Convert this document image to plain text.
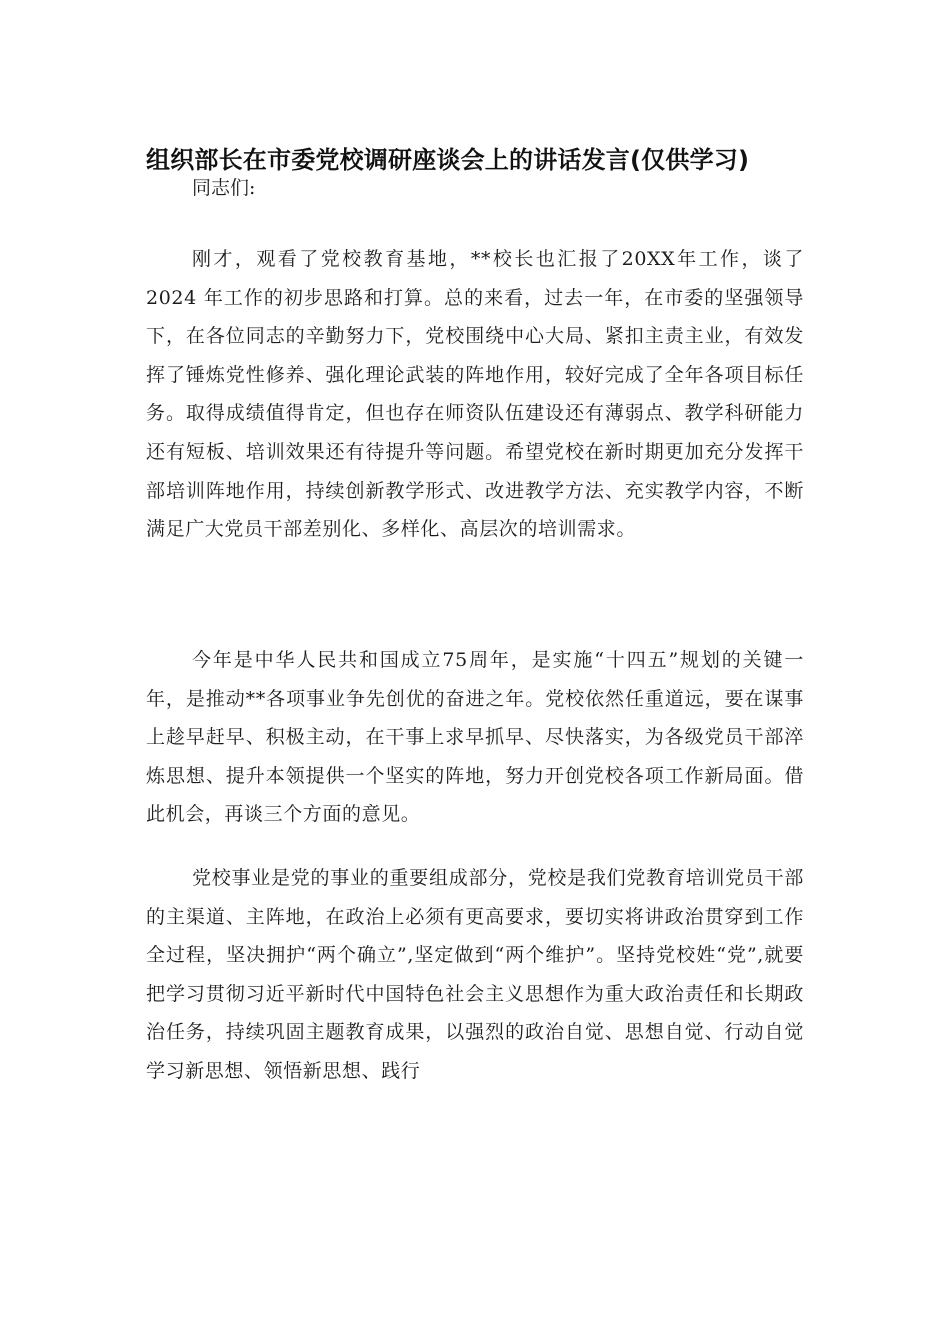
组织部长在市委党校调研座谈会上的讲话发言(仅供学习)

同志们:

刚才，观看了党校教育基地，**校长也汇报了20XX年工作，谈了 2024 年工作的初步思路和打算。总的来看，过去一年，在市委的坚强领导下，在各位同志的辛勤努力下，党校围绕中心大局、紧扣主责主业，有效发挥了锤炼党性修养、强化理论武装的阵地作用，较好完成了全年各项目标任务。取得成绩值得肯定，但也存在师资队伍建设还有薄弱点、教学科研能力还有短板、培训效果还有待提升等问题。希望党校在新时期更加充分发挥干部培训阵地作用，持续创新教学形式、改进教学方法、充实教学内容，不断满足广大党员干部差别化、多样化、高层次的培训需求。

今年是中华人民共和国成立75周年，是实施“十四五”规划的关键一年，是推动**各项事业争先创优的奋进之年。党校依然任重道远，要在谋事上趁早赶早、积极主动，在干事上求早抓早、尽快落实，为各级党员干部淬炼思想、提升本领提供一个坚实的阵地，努力开创党校各项工作新局面。借此机会，再谈三个方面的意见。

党校事业是党的事业的重要组成部分，党校是我们党教育培训党员干部的主渠道、主阵地，在政治上必须有更高要求，要切实将讲政治贯穿到工作全过程，坚决拥护“两个确立”,坚定做到“两个维护”。坚持党校姓“党”,就要把学习贯彻习近平新时代中国特色社会主义思想作为重大政治责任和长期政治任务，持续巩固主题教育成果，以强烈的政治自觉、思想自觉、行动自觉学习新思想、领悟新思想、践行
